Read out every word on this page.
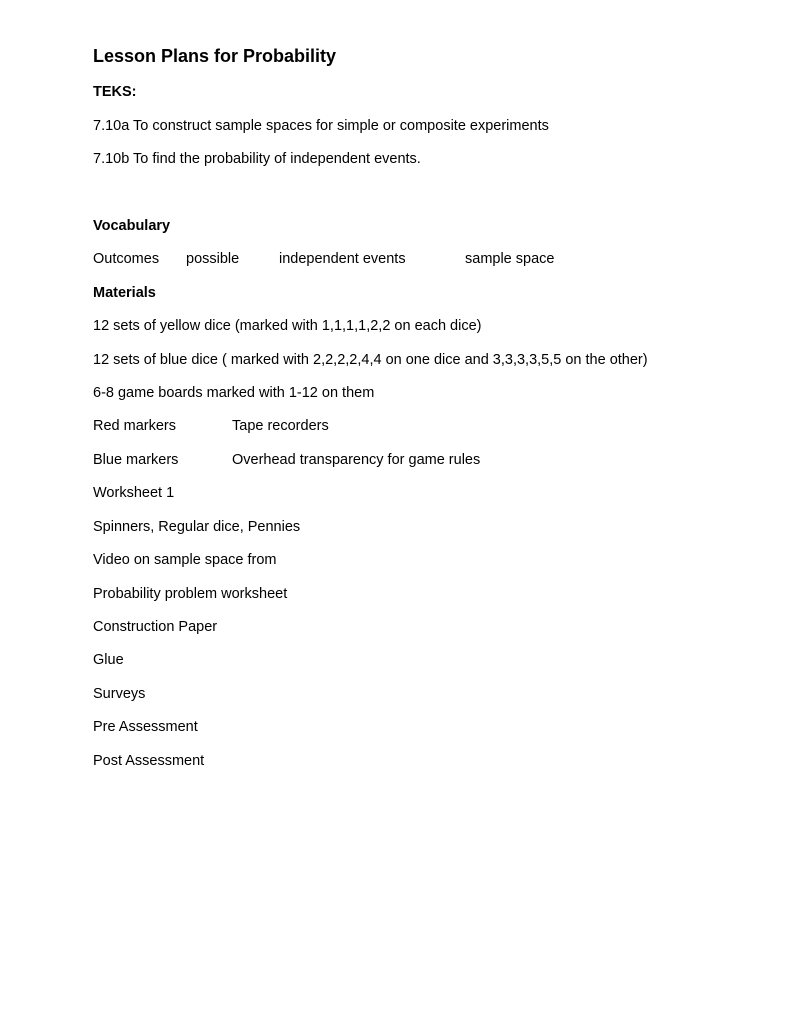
Lesson Plans for Probability
TEKS:
7.10a To construct sample spaces for simple or composite experiments
7.10b To find the probability of independent events.
Vocabulary
Outcomes possible	independent events	sample space
Materials
12 sets of yellow dice (marked with 1,1,1,1,2,2 on each dice)
12 sets of blue dice ( marked with 2,2,2,2,4,4 on one dice and 3,3,3,3,5,5 on the other)
6-8 game boards marked with 1-12 on them
Red markers	Tape recorders
Blue markers	Overhead transparency for game rules
Worksheet 1
Spinners, Regular dice, Pennies
Video on sample space from
Probability problem worksheet
Construction Paper
Glue
Surveys
Pre Assessment
Post Assessment
